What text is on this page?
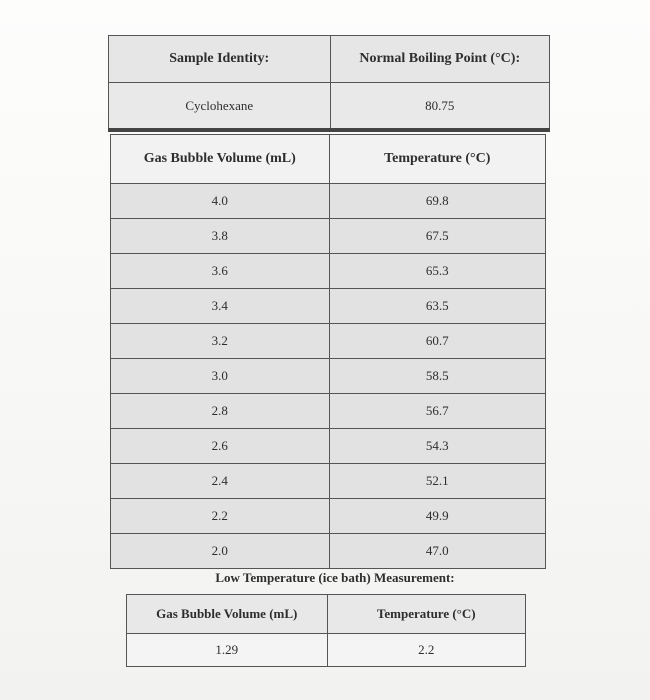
Sample Identity:	Normal Boiling Point (°C):
Cyclohexane	80.75
Gas Bubble Volume (mL)	Temperature (°C)
4.0	69.8
3.8	67.5
3.6	65.3
3.4	63.5
3.2	60.7
3.0	58.5
2.8	56.7
2.6	54.3
2.4	52.1
2.2	49.9
2.0	47.0
Low Temperature (ice bath) Measurement:
Gas Bubble Volume (mL)	Temperature (°C)
1.29	2.2
